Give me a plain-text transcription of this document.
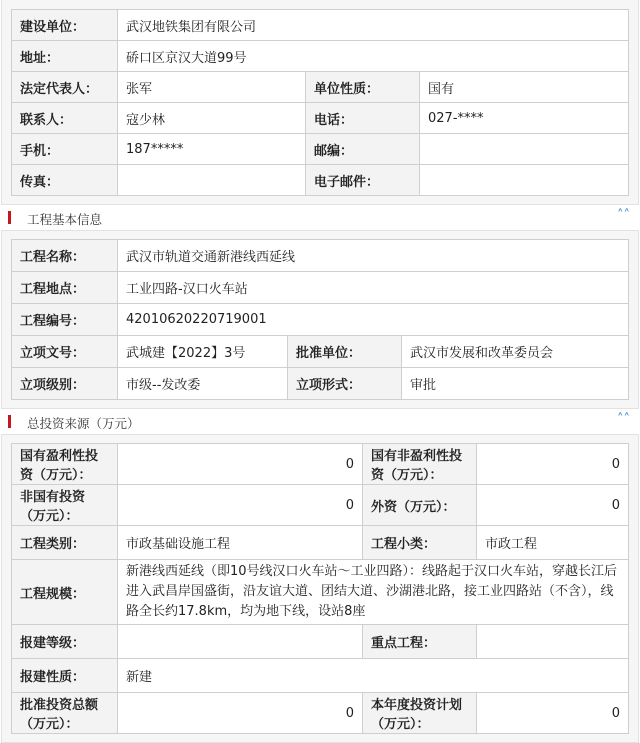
建设单位：	武汉地铁集团有限公司		
地址：	硚口区京汉大道99号		
法定代表人：	张军	单位性质：	国有
联系人：	寇少林	电话：	027-****
手机：	187*****	邮编：	
传真：		电子邮件：	
工程基本信息	˄˄
工程名称：	武汉市轨道交通新港线西延线		
工程地点：	工业四路-汉口火车站		
工程编号：	42010620220719001		
立项文号：	武城建【2022】3号	批准单位：	武汉市发展和改革委员会
立项级别：	市级--发改委	立项形式：	审批
总投资来源（万元）	˄˄
国有盈利性投资（万元）：	0	国有非盈利性投资（万元）：	0
非国有投资（万元）：	0	外资（万元）：	0
工程类别：	市政基础设施工程	工程小类：	市政工程
工程规模：	新港线西延线（即10号线汉口火车站～工业四路）：线路起于汉口火车站，穿越长江后进入武昌岸国盛街，沿友谊大道、团结大道、沙湖港北路，接工业四路站（不含），线路全长约17.8km，均为地下线，设站8座		
报建等级：		重点工程：	
报建性质：	新建		
批准投资总额（万元）：	0	本年度投资计划（万元）：	0
